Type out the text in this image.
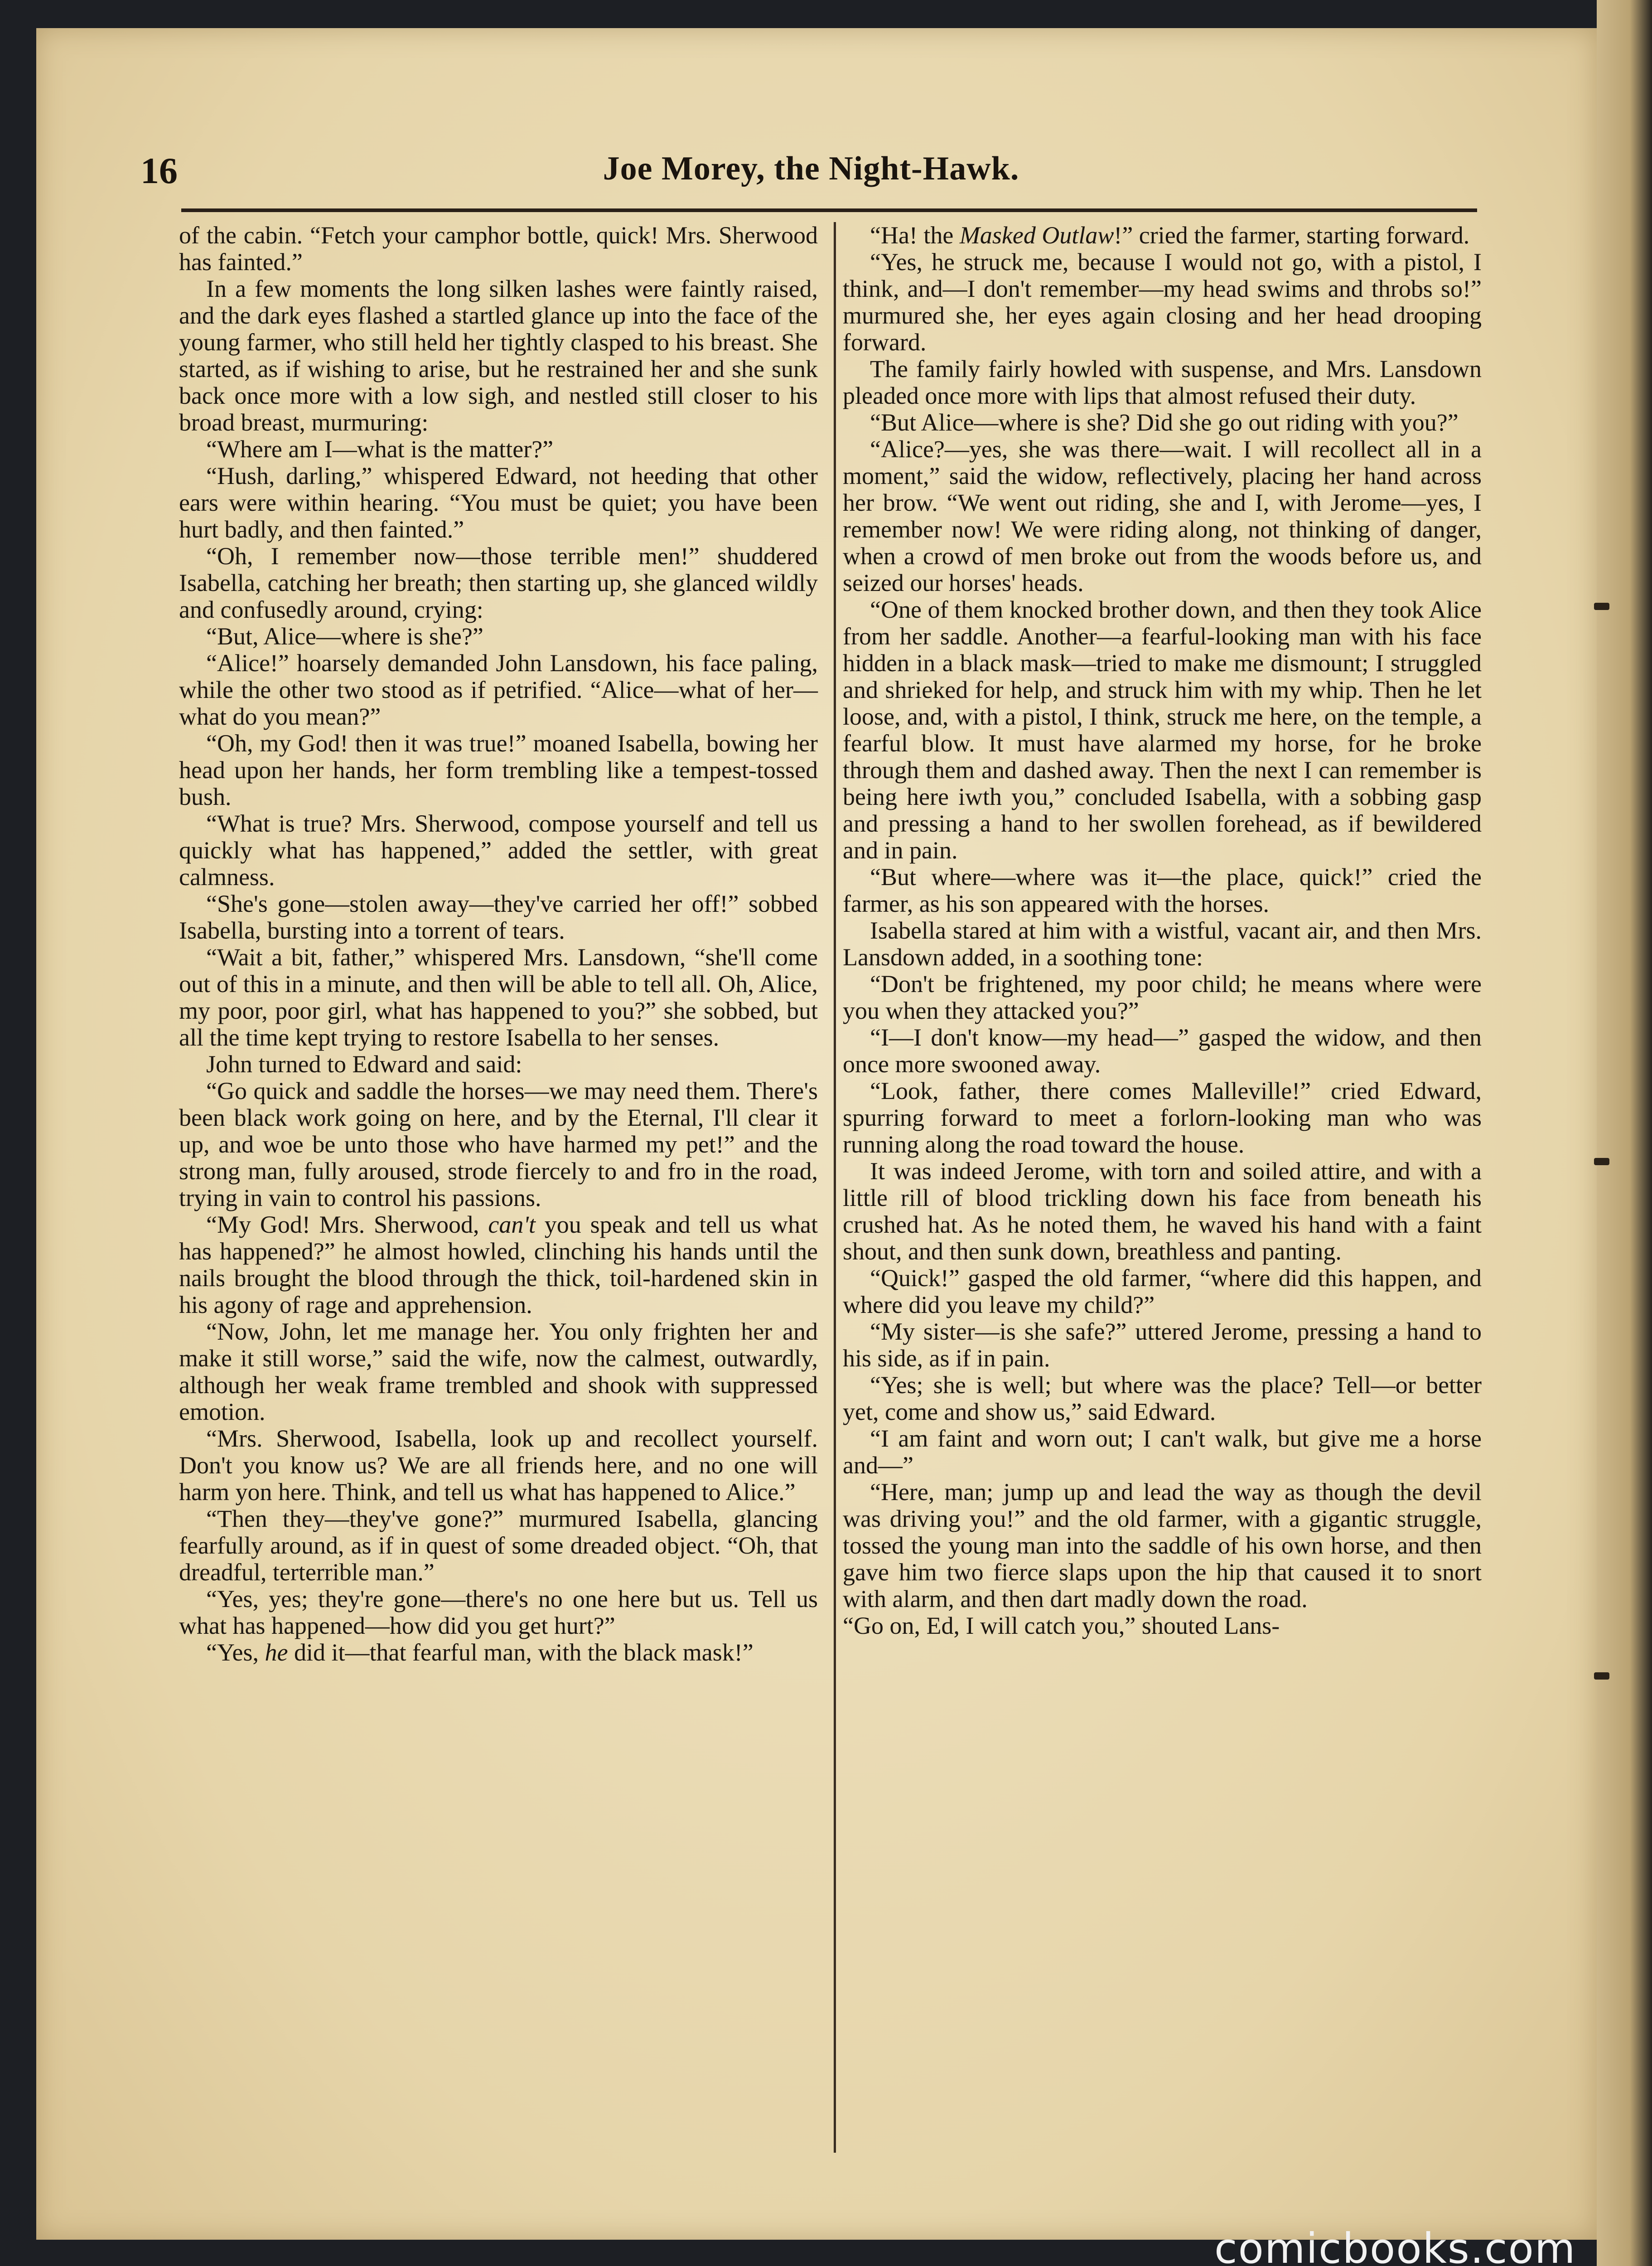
16	Joe Morey, the Night-Hawk.

of the cabin. “Fetch your camphor bottle, quick! Mrs. Sherwood has fainted.”

In a few moments the long silken lashes were faintly raised, and the dark eyes flashed a startled glance up into the face of the young farmer, who still held her tightly clasped to his breast. She started, as if wishing to arise, but he restrained her and she sunk back once more with a low sigh, and nestled still closer to his broad breast, murmuring:

“Where am I—what is the matter?”

“Hush, darling,” whispered Edward, not heeding that other ears were within hearing. “You must be quiet; you have been hurt badly, and then fainted.”

“Oh, I remember now—those terrible men!” shuddered Isabella, catching her breath; then starting up, she glanced wildly and confusedly around, crying:

“But, Alice—where is she?”

“Alice!” hoarsely demanded John Lansdown, his face paling, while the other two stood as if petrified. “Alice—what of her—what do you mean?”

“Oh, my God! then it was true!” moaned Isabella, bowing her head upon her hands, her form trembling like a tempest-tossed bush.

“What is true? Mrs. Sherwood, compose yourself and tell us quickly what has happened,” added the settler, with great calmness.

“She's gone—stolen away—they've carried her off!” sobbed Isabella, bursting into a torrent of tears.

“Wait a bit, father,” whispered Mrs. Lansdown, “she'll come out of this in a minute, and then will be able to tell all. Oh, Alice, my poor, poor girl, what has happened to you?” she sobbed, but all the time kept trying to restore Isabella to her senses.

John turned to Edward and said:

“Go quick and saddle the horses—we may need them. There's been black work going on here, and by the Eternal, I'll clear it up, and woe be unto those who have harmed my pet!” and the strong man, fully aroused, strode fiercely to and fro in the road, trying in vain to control his passions.

“My God! Mrs. Sherwood, can't you speak and tell us what has happened?” he almost howled, clinching his hands until the nails brought the blood through the thick, toil-hardened skin in his agony of rage and apprehension.

“Now, John, let me manage her. You only frighten her and make it still worse,” said the wife, now the calmest, outwardly, although her weak frame trembled and shook with suppressed emotion.

“Mrs. Sherwood, Isabella, look up and recollect yourself. Don't you know us? We are all friends here, and no one will harm yon here. Think, and tell us what has happened to Alice.”

“Then they—they've gone?” murmured Isabella, glancing fearfully around, as if in quest of some dreaded object. “Oh, that dreadful, terterrible man.”

“Yes, yes; they're gone—there's no one here but us. Tell us what has happened—how did you get hurt?”

“Yes, he did it—that fearful man, with the black mask!”

“Ha! the Masked Outlaw!” cried the farmer, starting forward.

“Yes, he struck me, because I would not go, with a pistol, I think, and—I don't remember—my head swims and throbs so!” murmured she, her eyes again closing and her head drooping forward.

The family fairly howled with suspense, and Mrs. Lansdown pleaded once more with lips that almost refused their duty.

“But Alice—where is she? Did she go out riding with you?”

“Alice?—yes, she was there—wait. I will recollect all in a moment,” said the widow, reflectively, placing her hand across her brow. “We went out riding, she and I, with Jerome—yes, I remember now! We were riding along, not thinking of danger, when a crowd of men broke out from the woods before us, and seized our horses' heads.

“One of them knocked brother down, and then they took Alice from her saddle. Another—a fearful-looking man with his face hidden in a black mask—tried to make me dismount; I struggled and shrieked for help, and struck him with my whip. Then he let loose, and, with a pistol, I think, struck me here, on the temple, a fearful blow. It must have alarmed my horse, for he broke through them and dashed away. Then the next I can remember is being here iwth you,” concluded Isabella, with a sobbing gasp and pressing a hand to her swollen forehead, as if bewildered and in pain.

“But where—where was it—the place, quick!” cried the farmer, as his son appeared with the horses.

Isabella stared at him with a wistful, vacant air, and then Mrs. Lansdown added, in a soothing tone:

“Don't be frightened, my poor child; he means where were you when they attacked you?”

“I—I don't know—my head—” gasped the widow, and then once more swooned away.

“Look, father, there comes Malleville!” cried Edward, spurring forward to meet a forlorn-looking man who was running along the road toward the house.

It was indeed Jerome, with torn and soiled attire, and with a little rill of blood trickling down his face from beneath his crushed hat. As he noted them, he waved his hand with a faint shout, and then sunk down, breathless and panting.

“Quick!” gasped the old farmer, “where did this happen, and where did you leave my child?”

“My sister—is she safe?” uttered Jerome, pressing a hand to his side, as if in pain.

“Yes; she is well; but where was the place? Tell—or better yet, come and show us,” said Edward.

“I am faint and worn out; I can't walk, but give me a horse and—”

“Here, man; jump up and lead the way as though the devil was driving you!” and the old farmer, with a gigantic struggle, tossed the young man into the saddle of his own horse, and then gave him two fierce slaps upon the hip that caused it to snort with alarm, and then dart madly down the road.

“Go on, Ed, I will catch you,” shouted Lans-

comicbooks.com
